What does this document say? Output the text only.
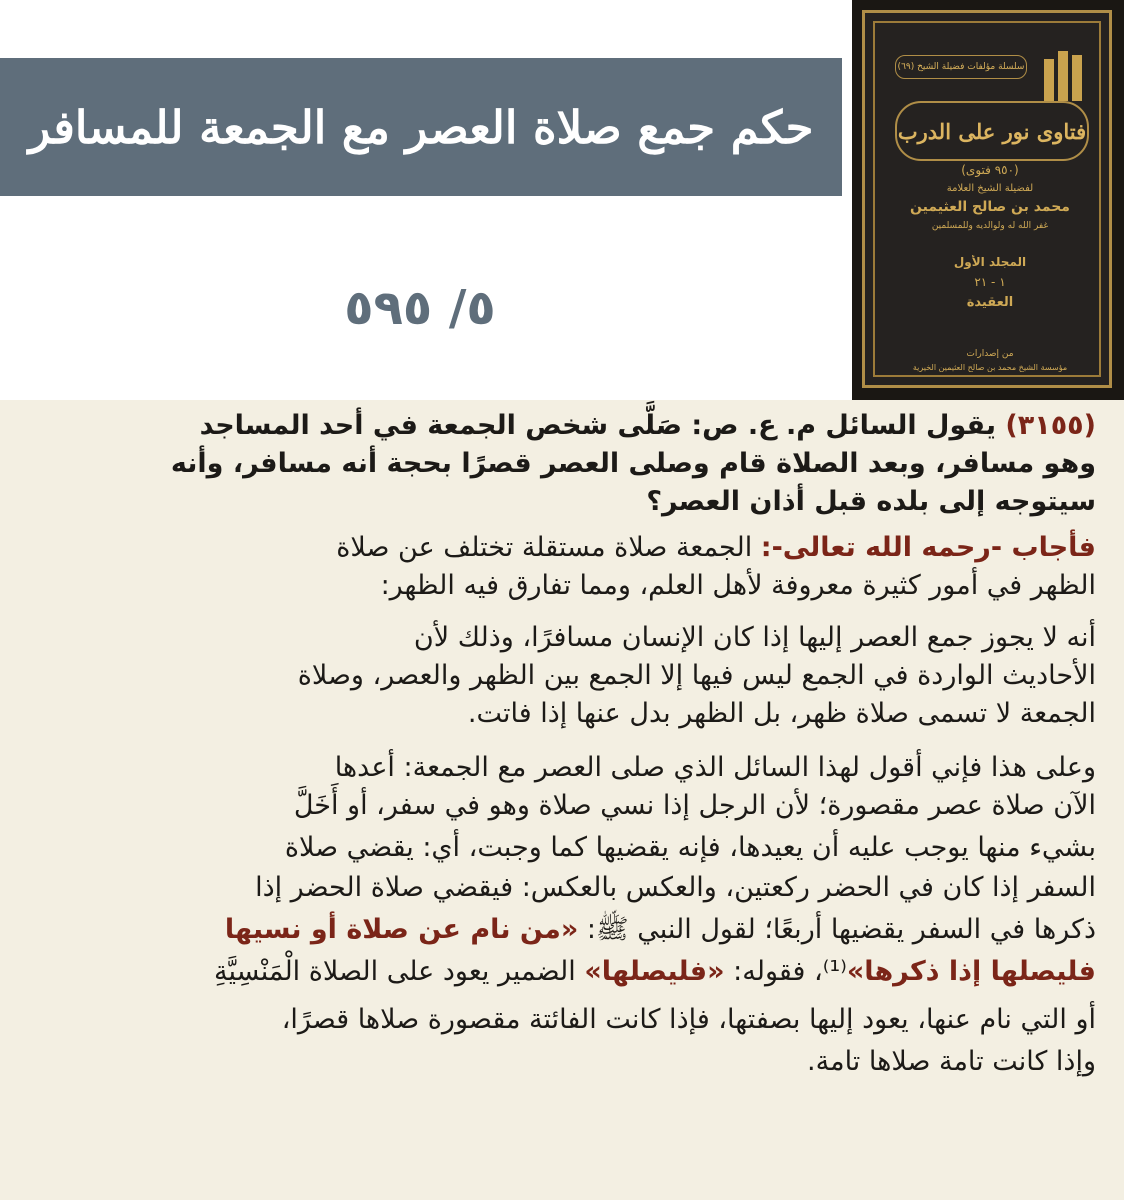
حكم جمع صلاة العصر مع الجمعة للمسافر
٥/ ٥٩٥
سلسلة مؤلفات فضيلة الشيخ (٦٩)
فتاوى نور على الدرب
(٩٥٠ فتوى)
لفضيلة الشيخ العلامة
محمد بن صالح العثيمين
غفر الله له ولوالديه وللمسلمين
المجلد الأول
١ - ٢١
العقيدة
من إصدارات
مؤسسة الشيخ محمد بن صالح العثيمين الخيرية
(٣١٥٥) يقول السائل م. ع. ص: صَلَّى شخص الجمعة في أحد المساجد
وهو مسافر، وبعد الصلاة قام وصلى العصر قصرًا بحجة أنه مسافر، وأنه
سيتوجه إلى بلده قبل أذان العصر؟
فأجاب -رحمه الله تعالى-: الجمعة صلاة مستقلة تختلف عن صلاة
الظهر في أمور كثيرة معروفة لأهل العلم، ومما تفارق فيه الظهر:
أنه لا يجوز جمع العصر إليها إذا كان الإنسان مسافرًا، وذلك لأن
الأحاديث الواردة في الجمع ليس فيها إلا الجمع بين الظهر والعصر، وصلاة
الجمعة لا تسمى صلاة ظهر، بل الظهر بدل عنها إذا فاتت.
وعلى هذا فإني أقول لهذا السائل الذي صلى العصر مع الجمعة: أعدها
الآن صلاة عصر مقصورة؛ لأن الرجل إذا نسي صلاة وهو في سفر، أو أَخَلَّ
بشيء منها يوجب عليه أن يعيدها، فإنه يقضيها كما وجبت، أي: يقضي صلاة
السفر إذا كان في الحضر ركعتين، والعكس بالعكس: فيقضي صلاة الحضر إذا
ذكرها في السفر يقضيها أربعًا؛ لقول النبي ﷺ: «من نام عن صلاة أو نسيها
فليصلها إذا ذكرها»⁽¹⁾، فقوله: «فليصلها» الضمير يعود على الصلاة الْمَنْسِيَّةِ
أو التي نام عنها، يعود إليها بصفتها، فإذا كانت الفائتة مقصورة صلاها قصرًا،
وإذا كانت تامة صلاها تامة.
